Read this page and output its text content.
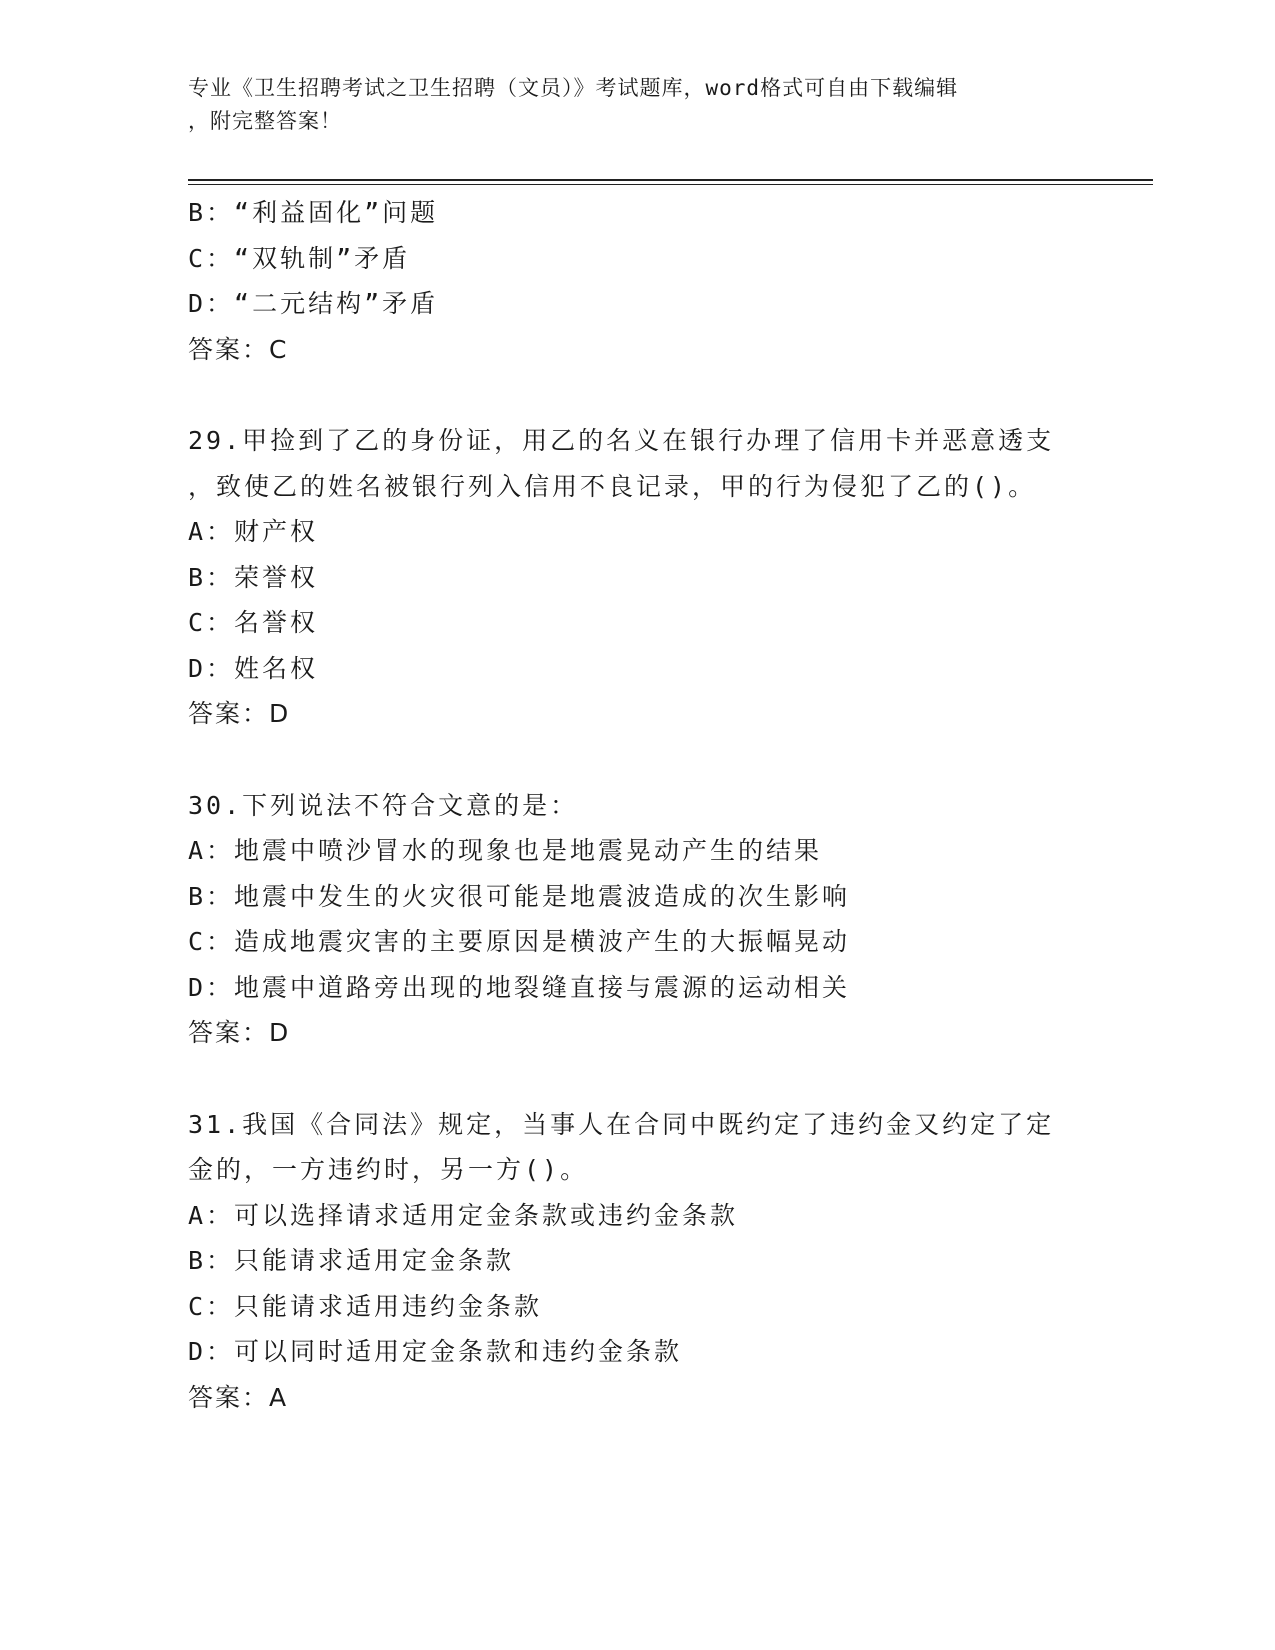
专业《卫生招聘考试之卫生招聘（文员）》考试题库，word格式可自由下载编辑
，附完整答案！
B：“利益固化”问题
C：“双轨制”矛盾
D：“二元结构”矛盾
答案：C
29.甲捡到了乙的身份证，用乙的名义在银行办理了信用卡并恶意透支
，致使乙的姓名被银行列入信用不良记录，甲的行为侵犯了乙的()。
A：财产权
B：荣誉权
C：名誉权
D：姓名权
答案：D
30.下列说法不符合文意的是：
A：地震中喷沙冒水的现象也是地震晃动产生的结果
B：地震中发生的火灾很可能是地震波造成的次生影响
C：造成地震灾害的主要原因是横波产生的大振幅晃动
D：地震中道路旁出现的地裂缝直接与震源的运动相关
答案：D
31.我国《合同法》规定，当事人在合同中既约定了违约金又约定了定
金的，一方违约时，另一方()。
A：可以选择请求适用定金条款或违约金条款
B：只能请求适用定金条款
C：只能请求适用违约金条款
D：可以同时适用定金条款和违约金条款
答案：A
